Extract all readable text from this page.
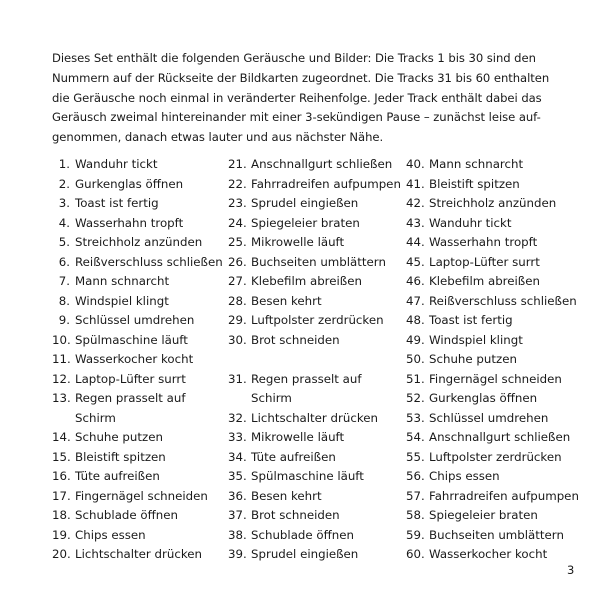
Dieses Set enthält die folgenden Geräusche und Bilder: Die Tracks 1 bis 30 sind den
Nummern auf der Rückseite der Bildkarten zugeordnet. Die Tracks 31 bis 60 enthalten
die Geräusche noch einmal in veränderter Reihenfolge. Jeder Track enthält dabei das
Geräusch zweimal hintereinander mit einer 3-sekündigen Pause – zunächst leise auf-
genommen, danach etwas lauter und aus nächster Nähe.
1. Wanduhr tickt
2. Gurkenglas öffnen
3. Toast ist fertig
4. Wasserhahn tropft
5. Streichholz anzünden
6. Reißverschluss schließen
7. Mann schnarcht
8. Windspiel klingt
9. Schlüssel umdrehen
10. Spülmaschine läuft
11. Wasserkocher kocht
12. Laptop-Lüfter surrt
13. Regen prasselt auf Schirm
14. Schuhe putzen
15. Bleistift spitzen
16. Tüte aufreißen
17. Fingernägel schneiden
18. Schublade öffnen
19. Chips essen
20. Lichtschalter drücken
21. Anschnallgurt schließen
22. Fahrradreifen aufpumpen
23. Sprudel eingießen
24. Spiegeleier braten
25. Mikrowelle läuft
26. Buchseiten umblättern
27. Klebefilm abreißen
28. Besen kehrt
29. Luftpolster zerdrücken
30. Brot schneiden
31. Regen prasselt auf Schirm
32. Lichtschalter drücken
33. Mikrowelle läuft
34. Tüte aufreißen
35. Spülmaschine läuft
36. Besen kehrt
37. Brot schneiden
38. Schublade öffnen
39. Sprudel eingießen
40. Mann schnarcht
41. Bleistift spitzen
42. Streichholz anzünden
43. Wanduhr tickt
44. Wasserhahn tropft
45. Laptop-Lüfter surrt
46. Klebefilm abreißen
47. Reißverschluss schließen
48. Toast ist fertig
49. Windspiel klingt
50. Schuhe putzen
51. Fingernägel schneiden
52. Gurkenglas öffnen
53. Schlüssel umdrehen
54. Anschnallgurt schließen
55. Luftpolster zerdrücken
56. Chips essen
57. Fahrradreifen aufpumpen
58. Spiegeleier braten
59. Buchseiten umblättern
60. Wasserkocher kocht
3
